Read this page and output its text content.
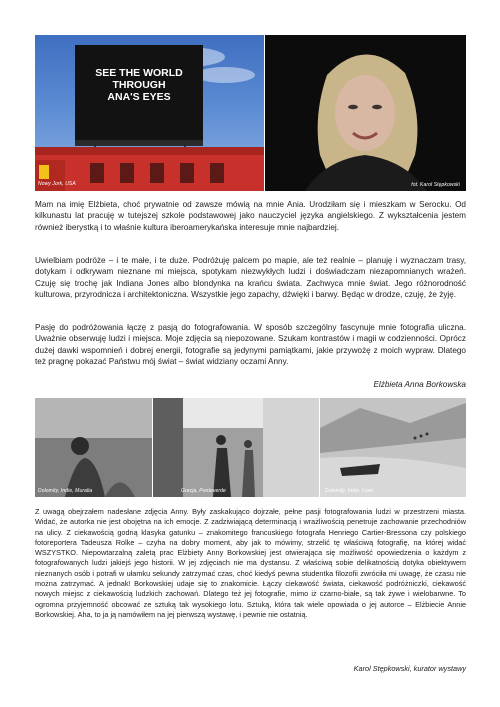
SEE THE WORLD
THROUGH
ANA'S EYES
Nowy Jork, USA	fot. Karol Stępkowski
Mam na imię Elżbieta, choć prywatnie od zawsze mówią na mnie Ania. Urodziłam się i mieszkam w Serocku. Od kilkunastu lat pracuję w tutejszej szkole podstawowej jako nauczyciel języka angielskiego. Z wykształcenia jestem również iberystką i to właśnie kultura iberoamerykańska interesuje mnie najbardziej.
Uwielbiam podróże – i te małe, i te duże. Podróżuję palcem po mapie, ale też realnie – planuję i wyznaczam trasy, dotykam i odkrywam nieznane mi miejsca, spotykam niezwykłych ludzi i doświadczam niezapomnianych wrażeń. Czuję się trochę jak Indiana Jones albo blondynka na krańcu świata. Zachwyca mnie świat. Jego różnorodność kulturowa, przyrodnicza i architektoniczna. Wszystkie jego zapachy, dźwięki i barwy. Będąc w drodze, czuję, że żyję.
Pasję do podróżowania łączę z pasją do fotografowania. W sposób szczególny fascynuje mnie fotografia uliczna. Uważnie obserwuję ludzi i miejsca. Moje zdjęcia są niepozowane. Szukam kontrastów i magii w codzienności. Oprócz dużej dawki wspomnień i dobrej energii, fotografie są jedynymi pamiątkami, jakie przywożę z moich wypraw. Dlatego też pragnę pokazać Państwu mój świat – świat widziany oczami Anny.
Elżbieta Anna Borkowska
Dolomity, Indie, Muralia	Grecja, Ponteverde	Dolomity, Indie, Lewi
Z uwagą obejrzałem nadesłane zdjęcia Anny. Były zaskakująco dojrzałe, pełne pasji fotografowania ludzi w przestrzeni miasta. Widać, że autorka nie jest obojętna na ich emocje. Z zadziwiającą determinacją i wrażliwością penetruje zachowanie przechodniów na ulicy. Z ciekawością godną klasyka gatunku – znakomitego francuskiego fotografa Henriego Cartier-Bressona czy polskiego fotoreportera Tadeusza Rolke – czyha na dobry moment, aby jak to mówimy, strzelić tę właściwą fotografię, na której widać WSZYSTKO. Niepowtarzalną zaletą prac Elżbiety Anny Borkowskiej jest otwierająca się możliwość opowiedzenia o każdym z fotografowanych ludzi jakiejś jego historii. W jej zdjęciach nie ma dystansu. Z właściwą sobie delikatnością dotyka obiektywem nieznanych osób i potrafi w ułamku sekundy zatrzymać czas, choć kiedyś pewna studentka filozofii zwróciła mi uwagę, że czasu nie można zatrzymać. A jednak! Borkowskiej udaje się to znakomicie. Łączy ciekawość świata, ciekawość podróżniczki, ciekawość nowych miejsc z ciekawością ludzkich zachowań. Dlatego też jej fotografie, mimo iż czarno-białe, są tak żywe i wielobarwne. To ogromna przyjemność obcować ze sztuką tak wysokiego lotu. Sztuką, która tak wiele opowiada o jej autorce – Elżbiecie Annie Borkowskiej. Aha, to ja ją namówiłem na jej pierwszą wystawę, i pewnie nie ostatnią.
Karol Stępkowski, kurator wystawy
